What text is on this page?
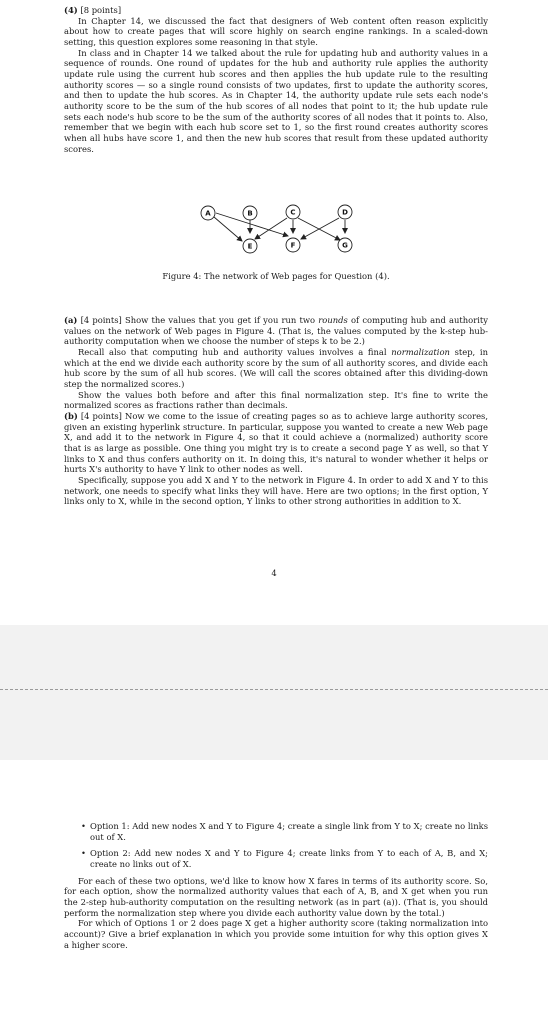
(4) [8 points]

In Chapter 14, we discussed the fact that designers of Web content often reason explicitly about how to create pages that will score highly on search engine rankings. In a scaled-down setting, this question explores some reasoning in that style.

In class and in Chapter 14 we talked about the rule for updating hub and authority values in a sequence of rounds. One round of updates for the hub and authority rule applies the authority update rule using the current hub scores and then applies the hub update rule to the resulting authority scores — so a single round consists of two updates, first to update the authority scores, and then to update the hub scores. As in Chapter 14, the authority update rule sets each node's authority score to be the sum of the hub scores of all nodes that point to it; the hub update rule sets each node's hub score to be the sum of the authority scores of all nodes that it points to. Also, remember that we begin with each hub score set to 1, so the first round creates authority scores when all hubs have score 1, and then the new hub scores that result from these updated authority scores.

A	B	C	D
E	F	G
Figure 4: The network of Web pages for Question (4).

(a) [4 points] Show the values that you get if you run two rounds of computing hub and authority values on the network of Web pages in Figure 4. (That is, the values computed by the k-step hub-authority computation when we choose the number of steps k to be 2.)

Recall also that computing hub and authority values involves a final normalization step, in which at the end we divide each authority score by the sum of all authority scores, and divide each hub score by the sum of all hub scores. (We will call the scores obtained after this dividing-down step the normalized scores.)

Show the values both before and after this final normalization step. It's fine to write the normalized scores as fractions rather than decimals.

(b) [4 points] Now we come to the issue of creating pages so as to achieve large authority scores, given an existing hyperlink structure. In particular, suppose you wanted to create a new Web page X, and add it to the network in Figure 4, so that it could achieve a (normalized) authority score that is as large as possible. One thing you might try is to create a second page Y as well, so that Y links to X and thus confers authority on it. In doing this, it's natural to wonder whether it helps or hurts X's authority to have Y link to other nodes as well.

Specifically, suppose you add X and Y to the network in Figure 4. In order to add X and Y to this network, one needs to specify what links they will have. Here are two options; in the first option, Y links only to X, while in the second option, Y links to other strong authorities in addition to X.

4
• Option 1: Add new nodes X and Y to Figure 4; create a single link from Y to X; create no links out of X.
• Option 2: Add new nodes X and Y to Figure 4; create links from Y to each of A, B, and X; create no links out of X.

For each of these two options, we'd like to know how X fares in terms of its authority score. So, for each option, show the normalized authority values that each of A, B, and X get when you run the 2-step hub-authority computation on the resulting network (as in part (a)). (That is, you should perform the normalization step where you divide each authority value down by the total.)

For which of Options 1 or 2 does page X get a higher authority score (taking normalization into account)? Give a brief explanation in which you provide some intuition for why this option gives X a higher score.
